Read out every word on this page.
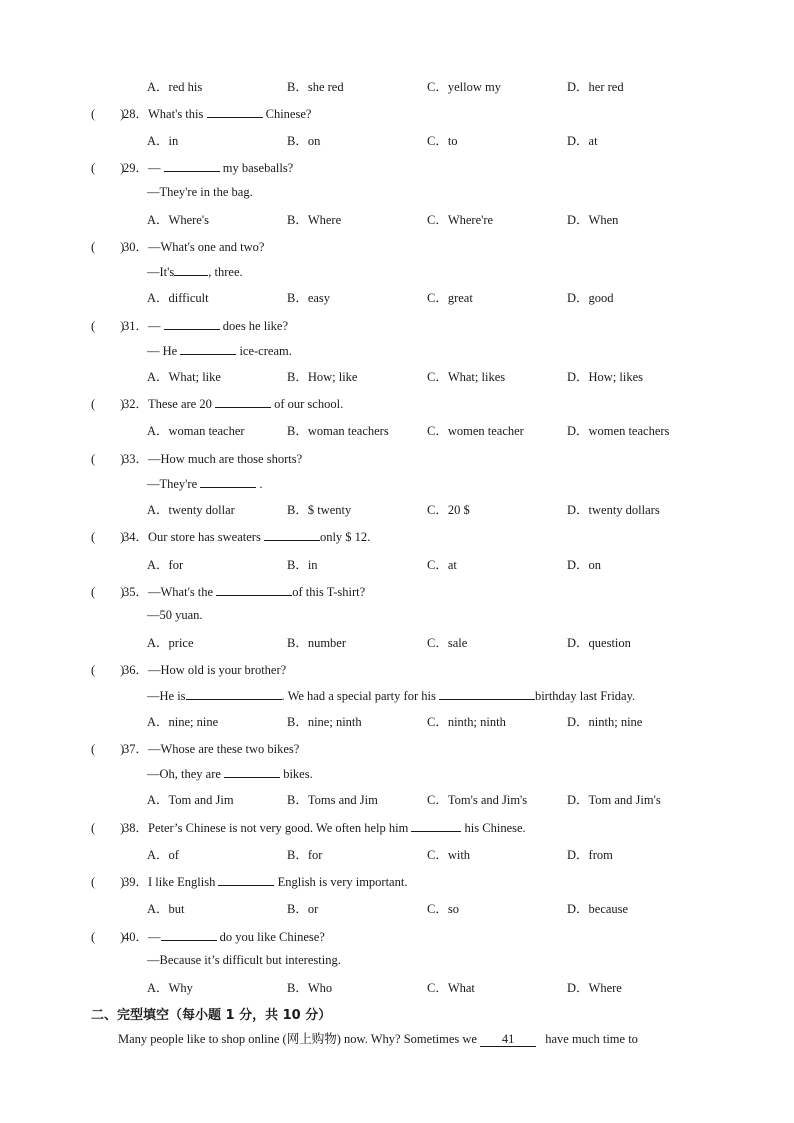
A．red his	B．she red	C．yellow my	D．her red
(　　)
28．What's this	Chinese?
A．in	B．on	C．to	D．at
(　　)
29．—	my baseballs?
—They're in the bag.
A．Where's	B．Where	C．Where're	D．When
(　　)
30．—What's one and two?
—It's	, three.
A．difficult	B．easy	C．great	D．good
(　　)
31．—	does he like?
— He	ice-cream.
A．What; like	B．How; like	C．What; likes	D．How; likes
(　　)
32．These are 20	of our school.
A．woman teacher	B．woman teachers	C．women teacher	D．women teachers
(　　)
33．—How much are those shorts?
—They're	.
A．twenty dollar	B．$ twenty	C．20 $	D．twenty dollars
(　　)
34．Our store has sweaters	only $ 12.
A．for	B．in	C．at	D．on
(　　)
35．—What's the	of this T-shirt?
—50 yuan.
A．price	B．number	C．sale	D．question
(　　)
36．—How old is your brother?
—He is	. We had a special party for his	birthday last Friday.
A．nine; nine	B．nine; ninth	C．ninth; ninth	D．ninth; nine
(　　)
37．—Whose are these two bikes?
—Oh, they are	bikes.
A．Tom and Jim	B．Toms and Jim	C．Tom's and Jim's	D．Tom and Jim's
(　　)
38．Peter’s Chinese is not very good. We often help him	his Chinese.
A．of	B．for	C．with	D．from
(　　)
39．I like English	English is very important.
A．but	B．or	C．so	D．because
(　　)
40．—	do you like Chinese?
—Because it’s difficult but interesting.
A．Why	B．Who	C．What	D．Where
二、完型填空（每小题 1 分，共 10 分）
Many people like to shop online (网上购物) now. Why? Sometimes we 41 have much time to
